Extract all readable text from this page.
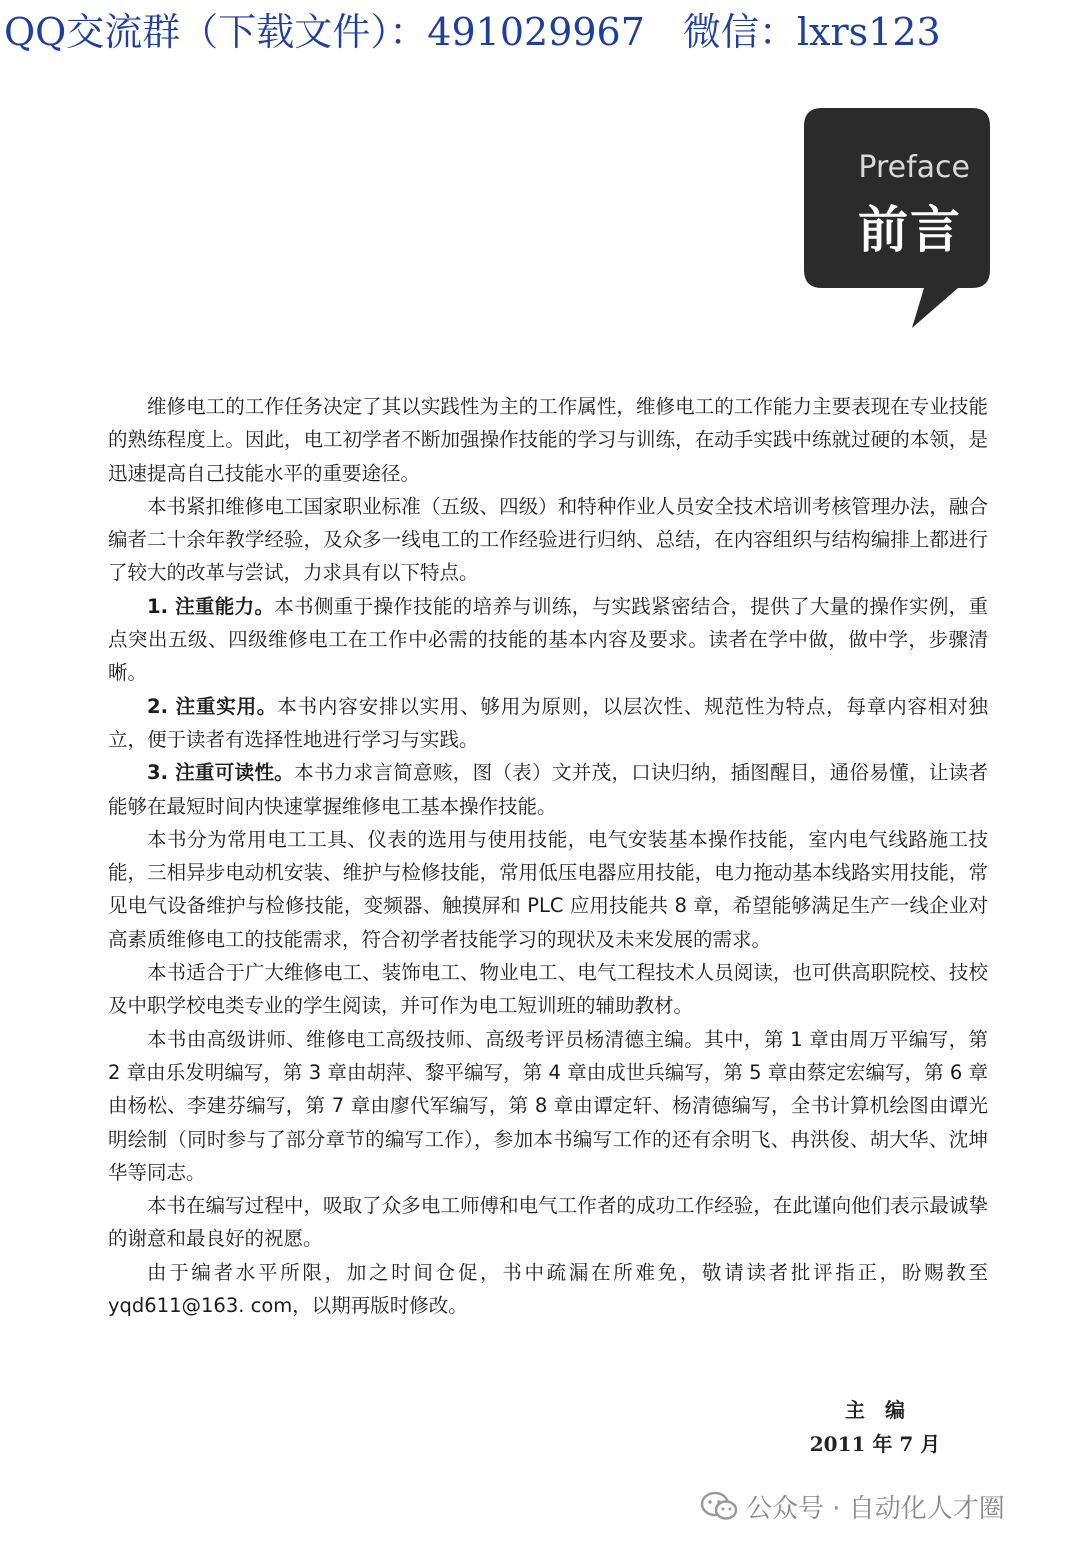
QQ交流群（下载文件）：491029967　微信：lxrs123
Preface
前言

维修电工的工作任务决定了其以实践性为主的工作属性，维修电工的工作能力主要表现在专业技能的熟练程度上。因此，电工初学者不断加强操作技能的学习与训练，在动手实践中练就过硬的本领，是迅速提高自己技能水平的重要途径。

本书紧扣维修电工国家职业标准（五级、四级）和特种作业人员安全技术培训考核管理办法，融合编者二十余年教学经验，及众多一线电工的工作经验进行归纳、总结，在内容组织与结构编排上都进行了较大的改革与尝试，力求具有以下特点。

1. 注重能力。本书侧重于操作技能的培养与训练，与实践紧密结合，提供了大量的操作实例，重点突出五级、四级维修电工在工作中必需的技能的基本内容及要求。读者在学中做，做中学，步骤清晰。

2. 注重实用。本书内容安排以实用、够用为原则，以层次性、规范性为特点，每章内容相对独立，便于读者有选择性地进行学习与实践。

3. 注重可读性。本书力求言简意赅，图（表）文并茂，口诀归纳，插图醒目，通俗易懂，让读者能够在最短时间内快速掌握维修电工基本操作技能。

本书分为常用电工工具、仪表的选用与使用技能，电气安装基本操作技能，室内电气线路施工技能，三相异步电动机安装、维护与检修技能，常用低压电器应用技能，电力拖动基本线路实用技能，常见电气设备维护与检修技能，变频器、触摸屏和 PLC 应用技能共 8 章，希望能够满足生产一线企业对高素质维修电工的技能需求，符合初学者技能学习的现状及未来发展的需求。

本书适合于广大维修电工、装饰电工、物业电工、电气工程技术人员阅读，也可供高职院校、技校及中职学校电类专业的学生阅读，并可作为电工短训班的辅助教材。

本书由高级讲师、维修电工高级技师、高级考评员杨清德主编。其中，第 1 章由周万平编写，第 2 章由乐发明编写，第 3 章由胡萍、黎平编写，第 4 章由成世兵编写，第 5 章由蔡定宏编写，第 6 章由杨松、李建芬编写，第 7 章由廖代军编写，第 8 章由谭定轩、杨清德编写，全书计算机绘图由谭光明绘制（同时参与了部分章节的编写工作），参加本书编写工作的还有余明飞、冉洪俊、胡大华、沈坤华等同志。

本书在编写过程中，吸取了众多电工师傅和电气工作者的成功工作经验，在此谨向他们表示最诚挚的谢意和最良好的祝愿。

由于编者水平所限，加之时间仓促，书中疏漏在所难免，敬请读者批评指正，盼赐教至 yqd611@163. com，以期再版时修改。

主　编
2011 年 7 月
公众号 · 自动化人才圈
